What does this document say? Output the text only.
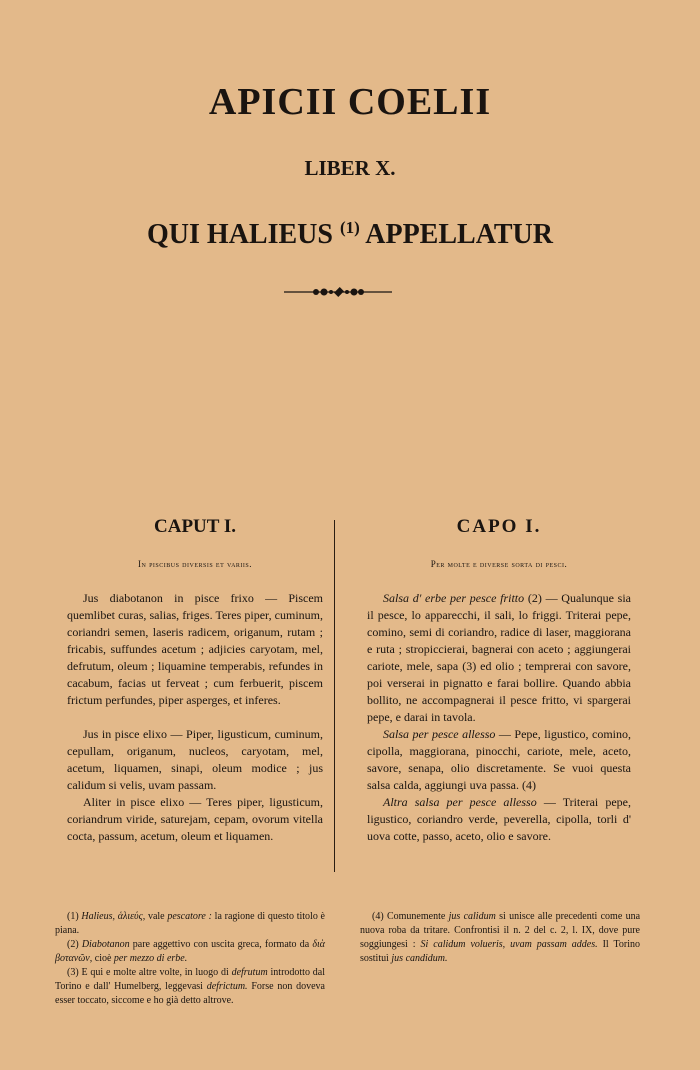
APICII COELII
LIBER X.
QUI HALIEUS $^{(1)}$ APPELLATUR
CAPUT I.	CAPO I.
In piscibus diversis et variis.	Per molte e diverse sorta di pesci.

Jus diabotanon in pisce frixo — Piscem quemlibet curas, salias, friges. Teres piper, cuminum, coriandri semen, laseris radicem, origanum, rutam ; fricabis, suffundes acetum ; adjicies caryotam, mel, defrutum, oleum ; liquamine temperabis, refundes in cacabum, facias ut ferveat ; cum ferbuerit, piscem frictum perfundes, piper asperges, et inferes.

Jus in pisce elixo — Piper, ligusticum, cuminum, cepullam, origanum, nucleos, caryotam, mel, acetum, liquamen, sinapi, oleum modice ; jus calidum si velis, uvam passam.

Aliter in pisce elixo — Teres piper, ligusticum, coriandrum viride, saturejam, cepam, ovorum vitella cocta, passum, acetum, oleum et liquamen.

Salsa d' erbe per pesce fritto (2) — Qualunque sia il pesce, lo apparecchi, il sali, lo friggi. Triterai pepe, comino, semi di coriandro, radice di laser, maggiorana e ruta ; stropiccierai, bagnerai con aceto ; aggiungerai cariote, mele, sapa (3) ed olio ; temprerai con savore, poi verserai in pignatto e farai bollire. Quando abbia bollito, ne accompagnerai il pesce fritto, vi spargerai pepe, e darai in tavola.

Salsa per pesce allesso — Pepe, ligustico, comino, cipolla, maggiorana, pinocchi, cariote, mele, aceto, savore, senapa, olio discretamente. Se vuoi questa salsa calda, aggiungi uva passa. (4)

Altra salsa per pesce allesso — Triterai pepe, ligustico, coriandro verde, peverella, cipolla, torli d' uova cotte, passo, aceto, olio e savore.

(1) Halieus, ἁλιεύς, vale pescatore : la ragione di questo titolo è piana.

(2) Diabotanon pare aggettivo con uscita greca, formato da διὰ βοτανῶν, cioè per mezzo di erbe.

(3) E qui e molte altre volte, in luogo di defrutum introdotto dal Torino e dall' Humelberg, leggevasi defrictum. Forse non doveva esser toccato, siccome e ho già detto altrove.

(4) Comunemente jus calidum si unisce alle precedenti come una nuova roba da tritare. Confrontisi il n. 2 del c. 2, l. IX, dove pure soggiungesi : Si calidum volueris, uvam passam addes. Il Torino sostituì jus candidum.
